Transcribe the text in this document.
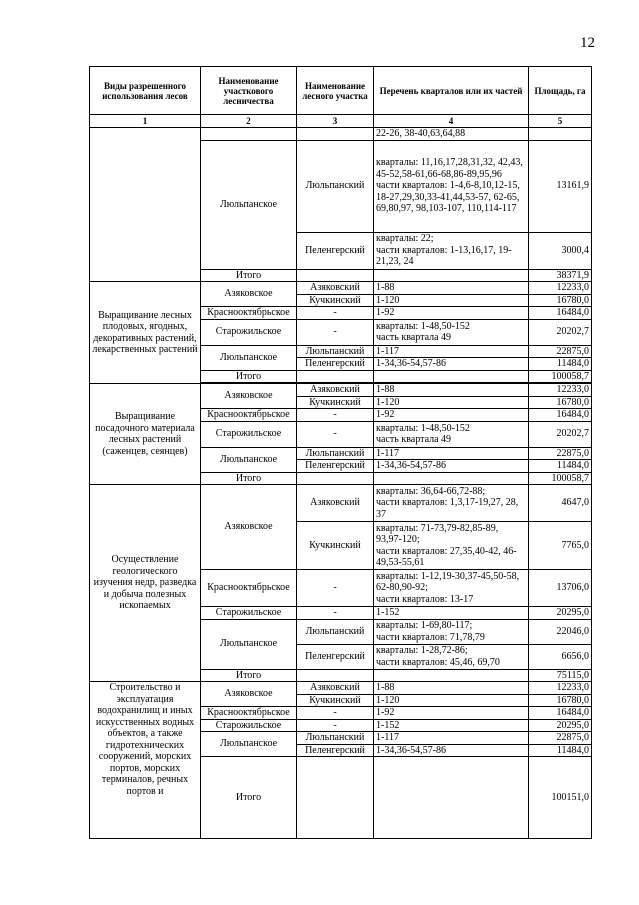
12
Виды разрешенного использования лесов	Наименование участкового лесничества	Наименование лесного участка	Перечень кварталов или их частей	Площадь, га
1	2	3	4	5
			22-26, 38-40,63,64,88	
	Люльпанское	Люльпанский	кварталы: 11,16,17,28,31,32, 42,43, 45-52,58-61,66-68,86-89,95,96
части кварталов: 1-4,6-8,10,12-15, 18-27,29,30,33-41,44,53-57, 62-65, 69,80,97, 98,103-107, 110,114-117	13161,9
		Пеленгерский	кварталы: 22;
части кварталов: 1-13,16,17, 19-21,23, 24	3000,4
	Итого			38371,9
Выращивание лесных плодовых, ягодных, декоративных растений, лекарственных растений	Азяковское	Азяковский	1-88	12233,0
		Кучкинский	1-120	16780,0
	Краснооктябрьское	-	1-92	16484,0
	Старожильское	-	кварталы: 1-48,50-152
часть квартала 49	20202,7
	Люльпанское	Люльпанский	1-117	22875,0
		Пеленгерский	1-34,36-54,57-86	11484,0
	Итого			100058,7

Выращивание посадочного материала лесных растений (саженцев, сеянцев)	Азяковское	Азяковский	1-88	12233,0
		Кучкинский	1-120	16780,0
	Краснооктябрьское	-	1-92	16484,0
	Старожильское	-	кварталы: 1-48,50-152
часть квартала 49	20202,7
	Люльпанское	Люльпанский	1-117	22875,0
		Пеленгерский	1-34,36-54,57-86	11484,0
	Итого			100058,7
Осуществление геологического изучения недр, разведка и добыча полезных ископаемых	Азяковское	Азяковский	кварталы: 36,64-66,72-88;
части кварталов: 1,3,17-19,27, 28, 37	4647,0
		Кучкинский	кварталы: 71-73,79-82,85-89, 93,97-120;
части кварталов: 27,35,40-42, 46-49,53-55,61	7765,0
	Краснооктябрьское	-	кварталы: 1-12,19-30,37-45,50-58, 62-80,90-92;
части кварталов: 13-17	13706,0
	Старожильское	-	1-152	20295,0
	Люльпанское	Люльпанский	кварталы: 1-69,80-117;
части кварталов: 71,78,79	22046,0
		Пеленгерский	кварталы: 1-28,72-86;
части кварталов: 45,46, 69,70	6656,0
	Итого			75115,0
Строительство и эксплуатация водохранилищ и иных искусственных водных объектов, а также гидротехнических сооружений, морских портов, морских терминалов, речных портов и	Азяковское	Азяковский	1-88	12233,0
		Кучкинский	1-120	16780,0
	Краснооктябрьское	-	1-92	16484,0
	Старожильское	-	1-152	20295,0
	Люльпанское	Люльпанский	1-117	22875,0
		Пеленгерский	1-34,36-54,57-86	11484,0
	Итого			100151,0
